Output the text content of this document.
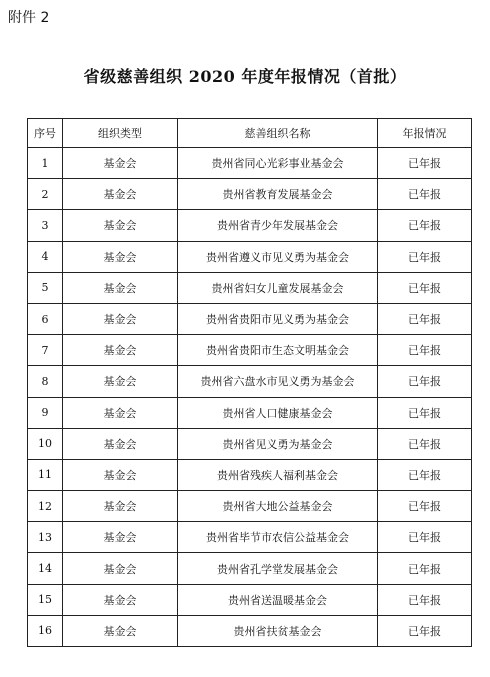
附件 2
省级慈善组织 2020 年度年报情况（首批）
序号	组织类型	慈善组织名称	年报情况
1	基金会	贵州省同心光彩事业基金会	已年报
2	基金会	贵州省教育发展基金会	已年报
3	基金会	贵州省青少年发展基金会	已年报
4	基金会	贵州省遵义市见义勇为基金会	已年报
5	基金会	贵州省妇女儿童发展基金会	已年报
6	基金会	贵州省贵阳市见义勇为基金会	已年报
7	基金会	贵州省贵阳市生态文明基金会	已年报
8	基金会	贵州省六盘水市见义勇为基金会	已年报
9	基金会	贵州省人口健康基金会	已年报
10	基金会	贵州省见义勇为基金会	已年报
11	基金会	贵州省残疾人福利基金会	已年报
12	基金会	贵州省大地公益基金会	已年报
13	基金会	贵州省毕节市农信公益基金会	已年报
14	基金会	贵州省孔学堂发展基金会	已年报
15	基金会	贵州省送温暖基金会	已年报
16	基金会	贵州省扶贫基金会	已年报
